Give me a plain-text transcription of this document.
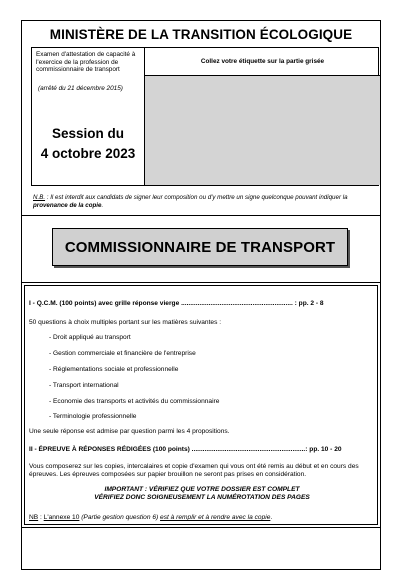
MINISTÈRE DE LA TRANSITION ÉCOLOGIQUE
Examen d'attestation de capacité à l'exercice de la profession de commissionnaire de transport
(arrêté du 21 décembre 2015)
Session du
4 octobre 2023
Collez votre étiquette sur la partie grisée
N.B. : Il est interdit aux candidats de signer leur composition ou d'y mettre un signe quelconque pouvant indiquer la provenance de la copie.
COMMISSIONNAIRE DE TRANSPORT
I - Q.C.M. (100 points) avec grille réponse vierge ............................................................. : pp. 2 - 8
50 questions à choix multiples portant sur les matières suivantes :
- Droit appliqué au transport
- Gestion commerciale et financière de l'entreprise
- Réglementations sociale et professionnelle
- Transport international
- Economie des transports et activités du commissionnaire
- Terminologie professionnelle
Une seule réponse est admise par question parmi les 4 propositions.
II - ÉPREUVE À RÉPONSES RÉDIGÉES (100 points) ..............................................................: pp. 10 - 20
Vous composerez sur les copies, intercalaires et copie d'examen qui vous ont été remis au début et en cours des épreuves. Les épreuves composées sur papier brouillon ne seront pas prises en considération.
IMPORTANT : VÉRIFIEZ QUE VOTRE DOSSIER EST COMPLET
VÉRIFIEZ DONC SOIGNEUSEMENT LA NUMÉROTATION DES PAGES
NB : L'annexe 10 (Partie gestion question 6) est à remplir et à rendre avec la copie.
